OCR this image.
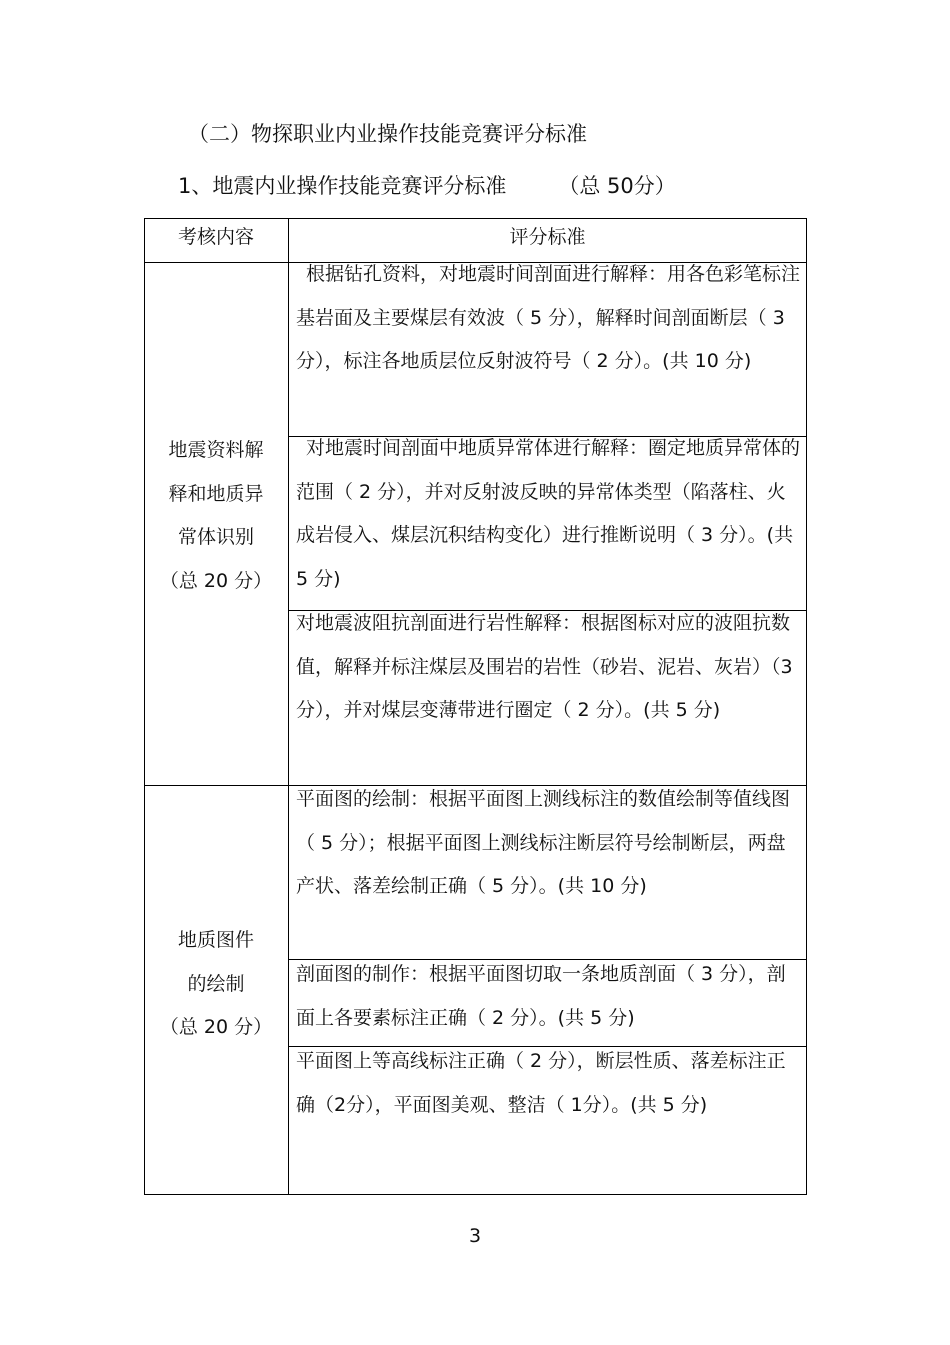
（二）物探职业内业操作技能竞赛评分标准
1、地震内业操作技能竞赛评分标准 （总 50分）
考核内容	评分标准
地震资料解
释和地质异
常体识别
（总 20 分）
根据钻孔资料，对地震时间剖面进行解释：用各色彩笔标注基岩面及主要煤层有效波（ 5 分），解释时间剖面断层（ 3 分），标注各地质层位反射波符号（ 2 分）。(共 10 分)
对地震时间剖面中地质异常体进行解释：圈定地质异常体的范围（ 2 分），并对反射波反映的异常体类型（陷落柱、火成岩侵入、煤层沉积结构变化）进行推断说明（ 3 分）。(共 5 分)
对地震波阻抗剖面进行岩性解释：根据图标对应的波阻抗数值，解释并标注煤层及围岩的岩性（砂岩、泥岩、灰岩）（3 分），并对煤层变薄带进行圈定（ 2 分）。(共 5 分)
地质图件
的绘制
（总 20 分）
平面图的绘制：根据平面图上测线标注的数值绘制等值线图（ 5 分）；根据平面图上测线标注断层符号绘制断层，两盘产状、落差绘制正确（ 5 分）。(共 10 分)
剖面图的制作：根据平面图切取一条地质剖面（ 3 分），剖面上各要素标注正确（ 2 分）。(共 5 分)
平面图上等高线标注正确（ 2 分），断层性质、落差标注正确（2分），平面图美观、整洁（ 1分）。(共 5 分)
3
